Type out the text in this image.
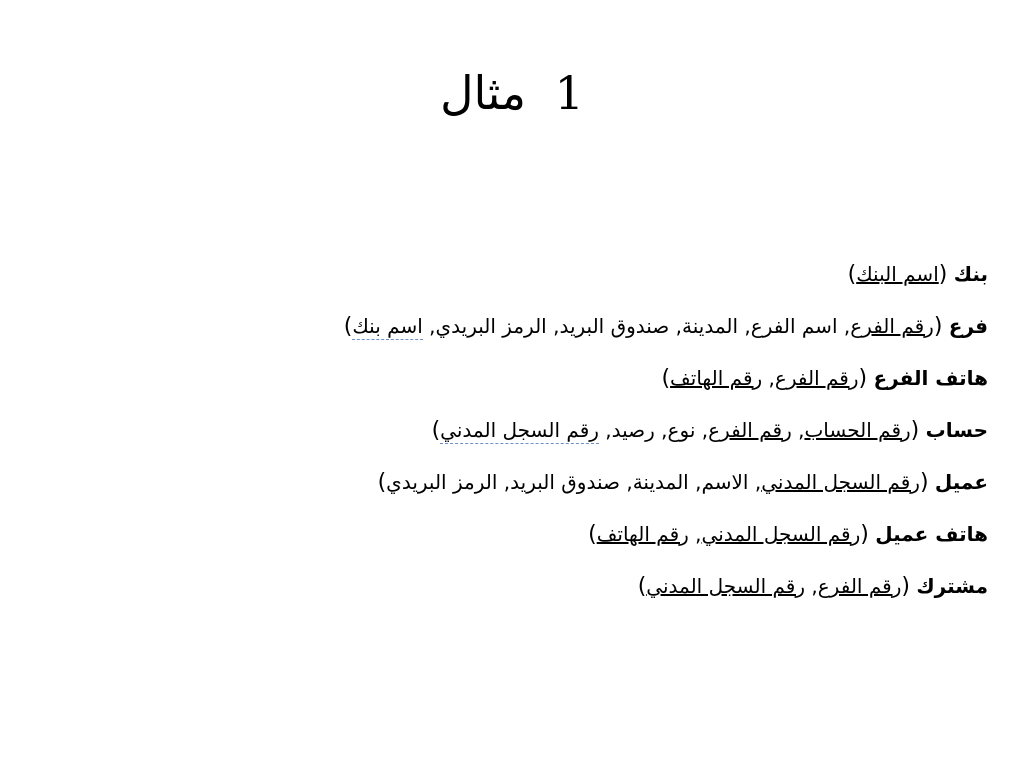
مثال 1
بنك (اسم البنك)
فرع (رقم الفرع, اسم الفرع, المدينة, صندوق البريد, الرمز البريدي, اسم بنك)
هاتف الفرع (رقم الفرع, رقم الهاتف)
حساب (رقم الحساب, رقم الفرع, نوع, رصيد, رقم السجل المدني)
عميل (رقم السجل المدني, الاسم, المدينة, صندوق البريد, الرمز البريدي)
هاتف عميل (رقم السجل المدني, رقم الهاتف)
مشترك (رقم الفرع, رقم السجل المدني)
